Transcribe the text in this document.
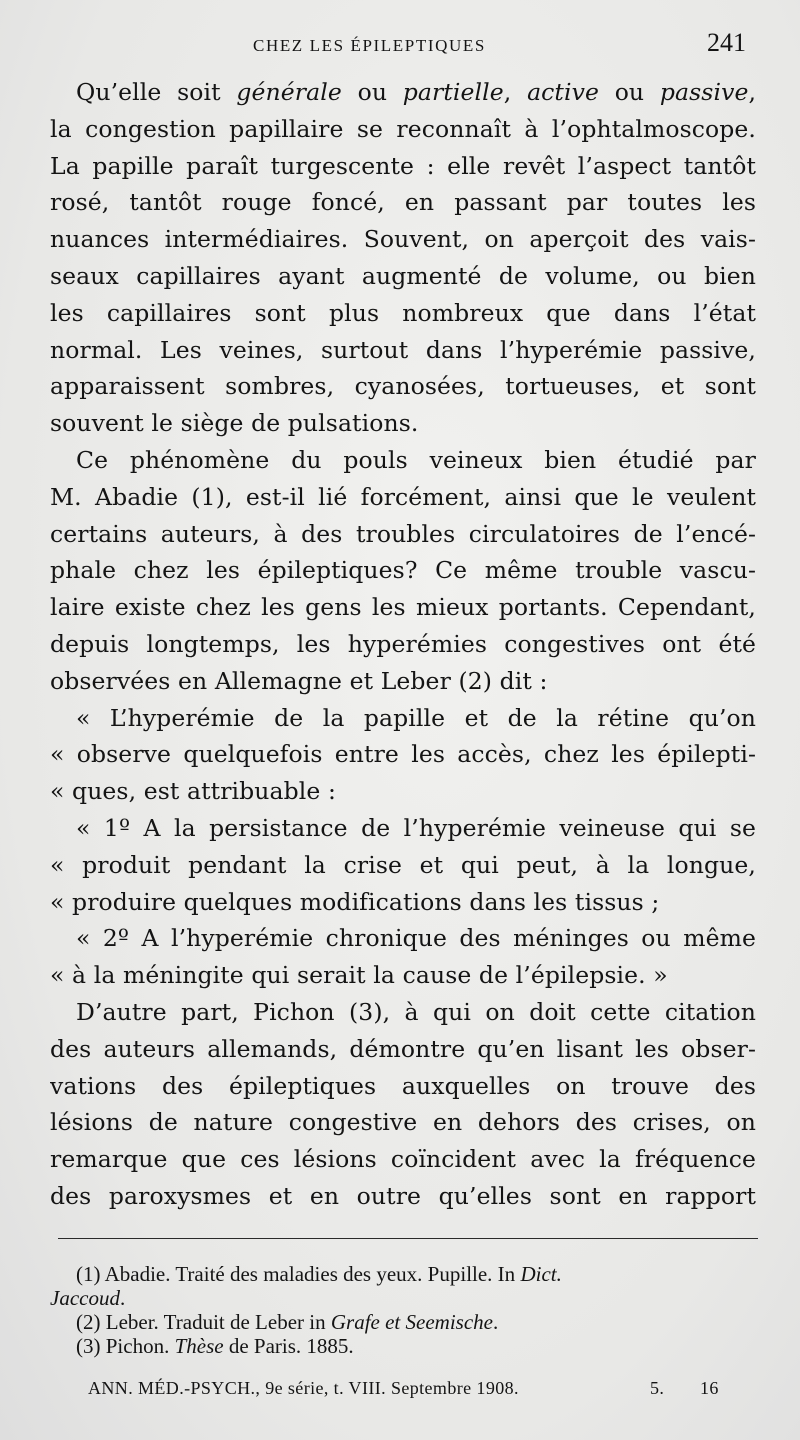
CHEZ LES ÉPILEPTIQUES	241
Qu’elle soit générale ou partielle, active ou passive,
la congestion papillaire se reconnaît à l’ophtalmoscope.
La papille paraît turgescente : elle revêt l’aspect tantôt
rosé, tantôt rouge foncé, en passant par toutes les
nuances intermédiaires. Souvent, on aperçoit des vais-
seaux capillaires ayant augmenté de volume, ou bien
les capillaires sont plus nombreux que dans l’état
normal. Les veines, surtout dans l’hyperémie passive,
apparaissent sombres, cyanosées, tortueuses, et sont
souvent le siège de pulsations.
Ce phénomène du pouls veineux bien étudié par
M. Abadie (1), est-il lié forcément, ainsi que le veulent
certains auteurs, à des troubles circulatoires de l’encé-
phale chez les épileptiques? Ce même trouble vascu-
laire existe chez les gens les mieux portants. Cependant,
depuis longtemps, les hyperémies congestives ont été
observées en Allemagne et Leber (2) dit :
« L’hyperémie de la papille et de la rétine qu’on
« observe quelquefois entre les accès, chez les épilepti-
« ques, est attribuable :
« 1º A la persistance de l’hyperémie veineuse qui se
« produit pendant la crise et qui peut, à la longue,
« produire quelques modifications dans les tissus ;
« 2º A l’hyperémie chronique des méninges ou même
« à la méningite qui serait la cause de l’épilepsie. »
D’autre part, Pichon (3), à qui on doit cette citation
des auteurs allemands, démontre qu’en lisant les obser-
vations des épileptiques auxquelles on trouve des
lésions de nature congestive en dehors des crises, on
remarque que ces lésions coïncident avec la fréquence
des paroxysmes et en outre qu’elles sont en rapport
(1) Abadie. Traité des maladies des yeux. Pupille. In Dict.
Jaccoud.
(2) Leber. Traduit de Leber in Grafe et Seemische.
(3) Pichon. Thèse de Paris. 1885.
ANN. MÉD.-PSYCH., 9e série, t. VIII. Septembre 1908.	5. 16
